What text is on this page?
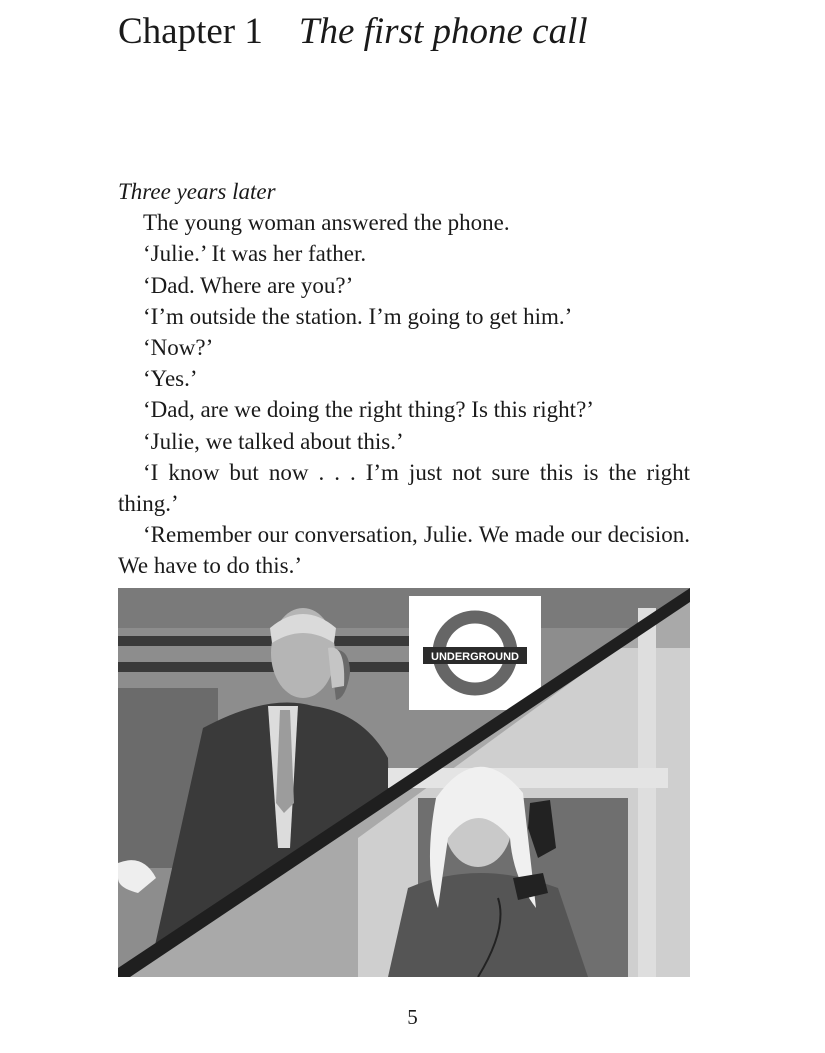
Chapter 1 The first phone call

Three years later

The young woman answered the phone.

‘Julie.’ It was her father.

‘Dad. Where are you?’

‘I’m outside the station. I’m going to get him.’

‘Now?’

‘Yes.’

‘Dad, are we doing the right thing? Is this right?’

‘Julie, we talked about this.’

‘I know but now . . . I’m just not sure this is the right thing.’

‘Remember our conversation, Julie. We made our decision. We have to do this.’

UNDERGROUND
5
